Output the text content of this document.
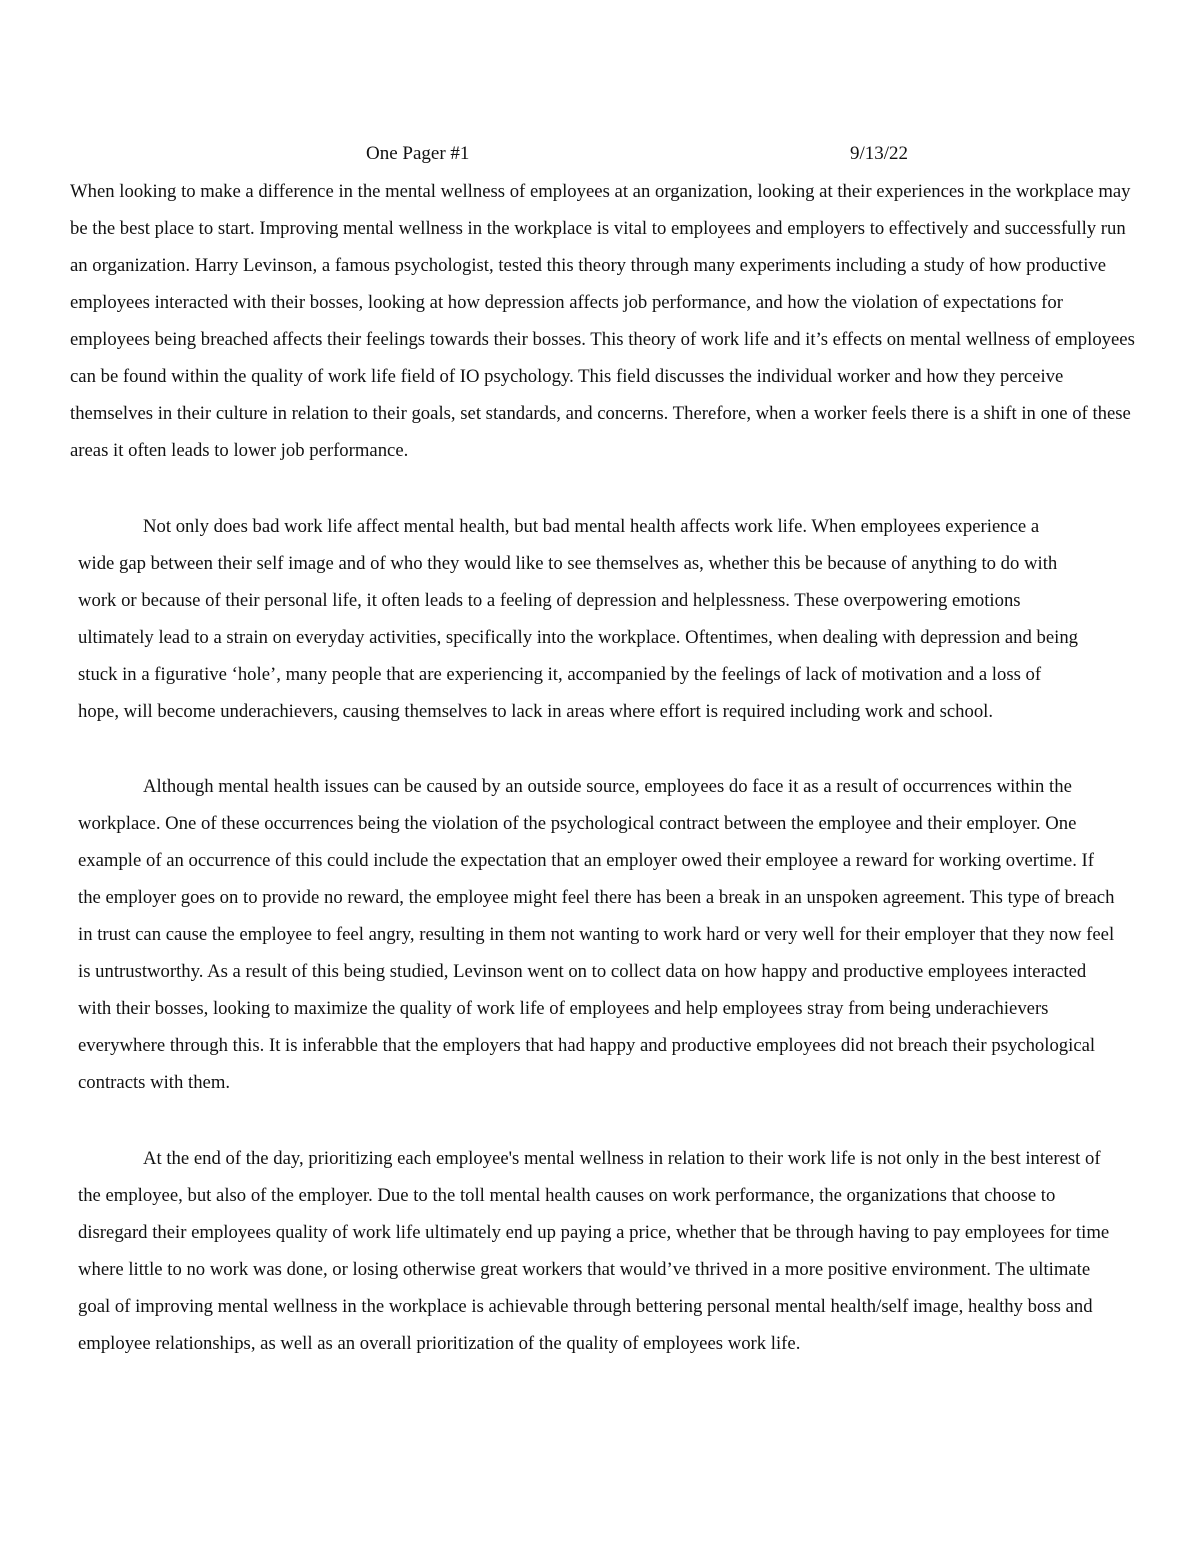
One Pager #1	9/13/22

When looking to make a difference in the mental wellness of employees at an organization, looking at their experiences in the workplace may be the best place to start. Improving mental wellness in the workplace is vital to employees and employers to effectively and successfully run an organization. Harry Levinson, a famous psychologist, tested this theory through many experiments including a study of how productive employees interacted with their bosses, looking at how depression affects job performance, and how the violation of expectations for employees being breached affects their feelings towards their bosses. This theory of work life and it’s effects on mental wellness of employees can be found within the quality of work life field of IO psychology. This field discusses the individual worker and how they perceive themselves in their culture in relation to their goals, set standards, and concerns. Therefore, when a worker feels there is a shift in one of these areas it often leads to lower job performance.

Not only does bad work life affect mental health, but bad mental health affects work life. When employees experience a wide gap between their self image and of who they would like to see themselves as, whether this be because of anything to do with work or because of their personal life, it often leads to a feeling of depression and helplessness. These overpowering emotions ultimately lead to a strain on everyday activities, specifically into the workplace. Oftentimes, when dealing with depression and being stuck in a figurative ‘hole’, many people that are experiencing it, accompanied by the feelings of lack of motivation and a loss of hope, will become underachievers, causing themselves to lack in areas where effort is required including work and school.

Although mental health issues can be caused by an outside source, employees do face it as a result of occurrences within the workplace. One of these occurrences being the violation of the psychological contract between the employee and their employer. One example of an occurrence of this could include the expectation that an employer owed their employee a reward for working overtime. If the employer goes on to provide no reward, the employee might feel there has been a break in an unspoken agreement. This type of breach in trust can cause the employee to feel angry, resulting in them not wanting to work hard or very well for their employer that they now feel is untrustworthy. As a result of this being studied, Levinson went on to collect data on how happy and productive employees interacted with their bosses, looking to maximize the quality of work life of employees and help employees stray from being underachievers everywhere through this. It is inferabble that the employers that had happy and productive employees did not breach their psychological contracts with them.

At the end of the day, prioritizing each employee's mental wellness in relation to their work life is not only in the best interest of the employee, but also of the employer. Due to the toll mental health causes on work performance, the organizations that choose to disregard their employees quality of work life ultimately end up paying a price, whether that be through having to pay employees for time where little to no work was done, or losing otherwise great workers that would’ve thrived in a more positive environment. The ultimate goal of improving mental wellness in the workplace is achievable through bettering personal mental health/self image, healthy boss and employee relationships, as well as an overall prioritization of the quality of employees work life.
